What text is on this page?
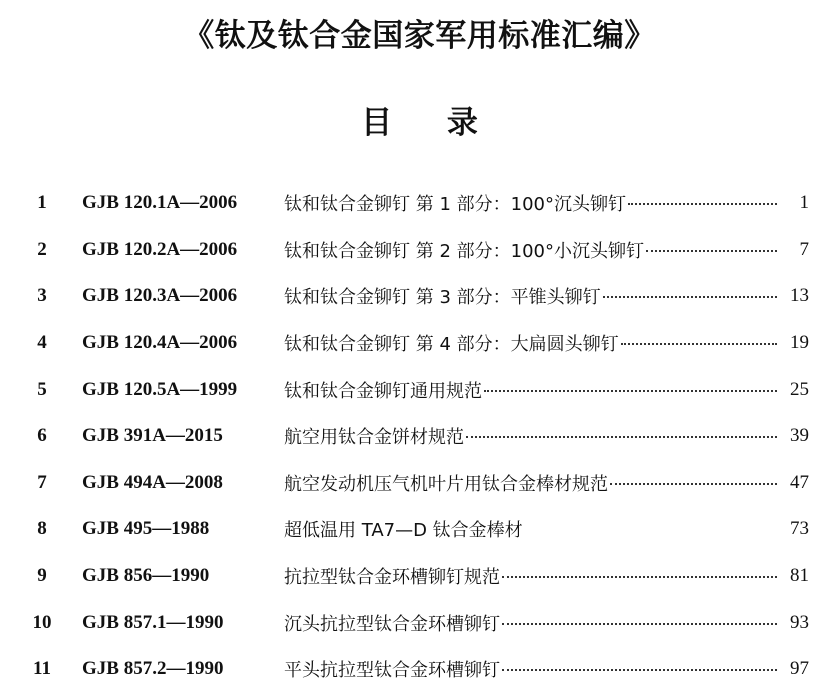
《钛及钛合金国家军用标准汇编》
目 录
1	GJB 120.1A—2006	钛和钛合金铆钉 第 1 部分：100°沉头铆钉	1
2	GJB 120.2A—2006	钛和钛合金铆钉 第 2 部分：100°小沉头铆钉	7
3	GJB 120.3A—2006	钛和钛合金铆钉 第 3 部分：平锥头铆钉	13
4	GJB 120.4A—2006	钛和钛合金铆钉 第 4 部分：大扁圆头铆钉	19
5	GJB 120.5A—1999	钛和钛合金铆钉通用规范	25
6	GJB 391A—2015	航空用钛合金饼材规范	39
7	GJB 494A—2008	航空发动机压气机叶片用钛合金棒材规范	47
8	GJB 495—1988	超低温用 TA7—D 钛合金棒材	73
9	GJB 856—1990	抗拉型钛合金环槽铆钉规范	81
10	GJB 857.1—1990	沉头抗拉型钛合金环槽铆钉	93
11	GJB 857.2—1990	平头抗拉型钛合金环槽铆钉	97
